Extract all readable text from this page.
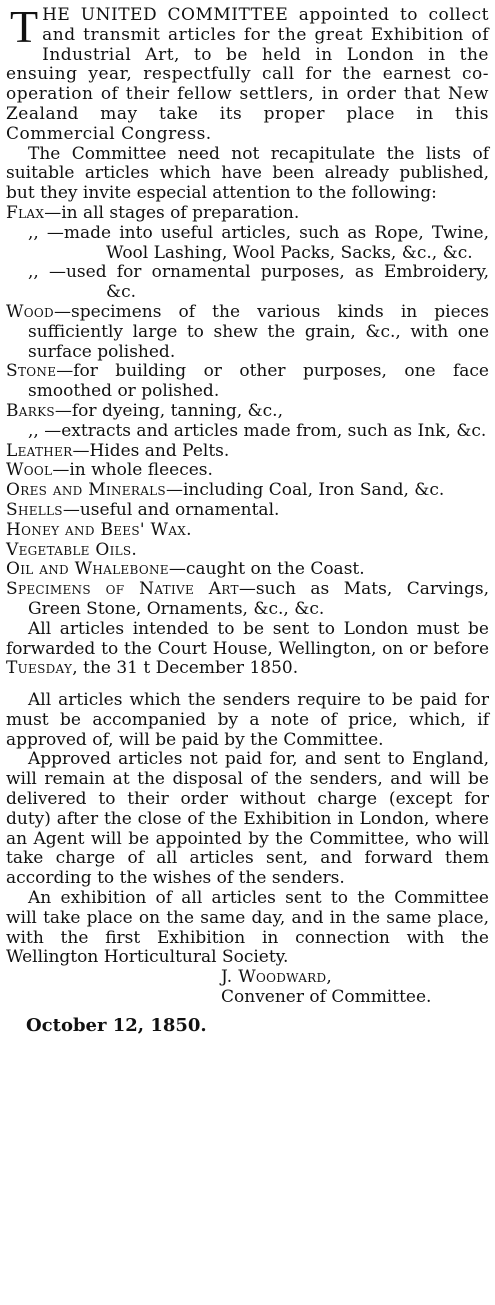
THE UNITED COMMITTEE appointed to collect and transmit articles for the great Exhibition of Industrial Art, to be held in London in the ensuing year, respectfully call for the earnest co-operation of their fellow settlers, in order that New Zealand may take its proper place in this Commercial Congress.

The Committee need not recapitulate the lists of suitable articles which have been already published, but they invite especial attention to the following:

Flax—in all stages of preparation.

,, —made into useful articles, such as Rope, Twine, Wool Lashing, Wool Packs, Sacks, &c., &c.

,, —used for ornamental purposes, as Embroidery, &c.

Wood—specimens of the various kinds in pieces sufficiently large to shew the grain, &c., with one surface polished.

Stone—for building or other purposes, one face smoothed or polished.

Barks—for dyeing, tanning, &c.,

,, —extracts and articles made from, such as Ink, &c.

Leather—Hides and Pelts.

Wool—in whole fleeces.

Ores and Minerals—including Coal, Iron Sand, &c.

Shells—useful and ornamental.

Honey and Bees' Wax.

Vegetable Oils.

Oil and Whalebone—caught on the Coast.

Specimens of Native Art—such as Mats, Carvings, Green Stone, Ornaments, &c., &c.

All articles intended to be sent to London must be forwarded to the Court House, Wellington, on or before Tuesday, the 31 t December 1850.

All articles which the senders require to be paid for must be accompanied by a note of price, which, if approved of, will be paid by the Committee.

Approved articles not paid for, and sent to England, will remain at the disposal of the senders, and will be delivered to their order without charge (except for duty) after the close of the Exhibition in London, where an Agent will be appointed by the Committee, who will take charge of all articles sent, and forward them according to the wishes of the senders.

An exhibition of all articles sent to the Committee will take place on the same day, and in the same place, with the first Exhibition in connection with the Wellington Horticultural Society.

J. Woodward,

Convener of Committee.

October 12, 1850.
